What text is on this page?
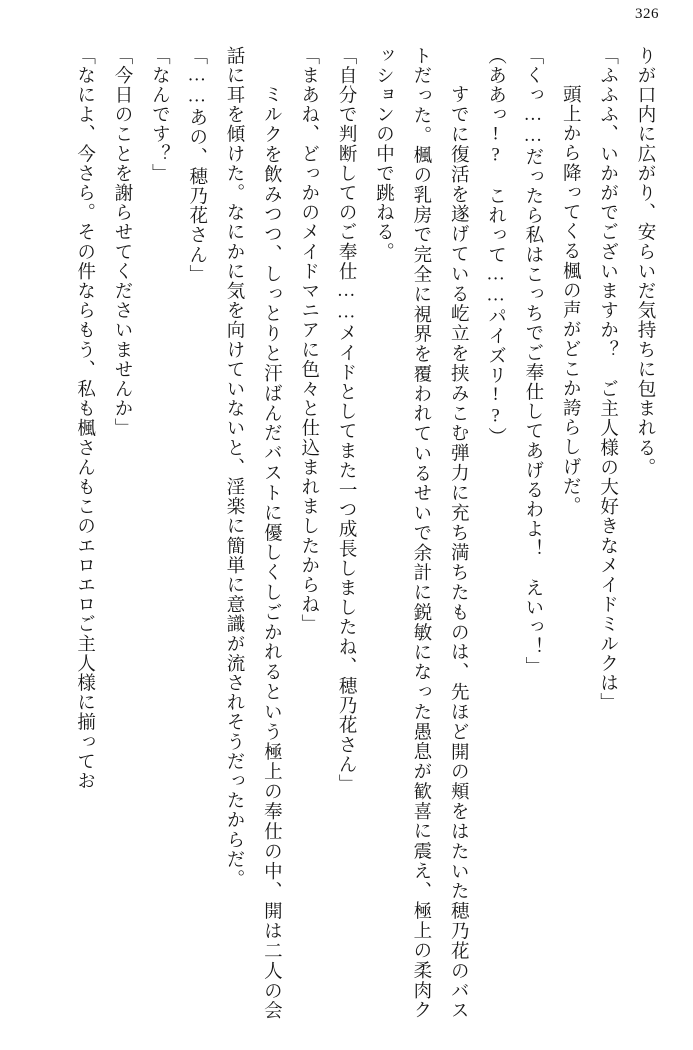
326

りが口内に広がり、安らいだ気持ちに包まれる。

「ふふふ、いかがでございますか？　ご主人様の大好きなメイドミルクは」

　頭上から降ってくる楓の声がどこか誇らしげだ。

「くっ……だったら私はこっちでご奉仕してあげるわよ！　えいっ！」

（ああっ!?　これって……パイズリ!?）

　すでに復活を遂げている屹立を挟みこむ弾力に充ち満ちたものは、先ほど開の頬をはたいた穂乃花のバストだった。楓の乳房で完全に視界を覆われているせいで余計に鋭敏になった愚息が歓喜に震え、極上の柔肉クッションの中で跳ねる。

「自分で判断してのご奉仕……メイドとしてまた一つ成長しましたね、穂乃花さん」

「まあね、どっかのメイドマニアに色々と仕込まれましたからね」

　ミルクを飲みつつ、しっとりと汗ばんだバストに優しくしごかれるという極上の奉仕の中、開は二人の会話に耳を傾けた。なにかに気を向けていないと、淫楽に簡単に意識が流されそうだったからだ。

「……あの、穂乃花さん」

「なんです？」

「今日のことを謝らせてくださいませんか」

「なによ、今さら。その件ならもう、私も楓さんもこのエロエロご主人様に揃ってお
